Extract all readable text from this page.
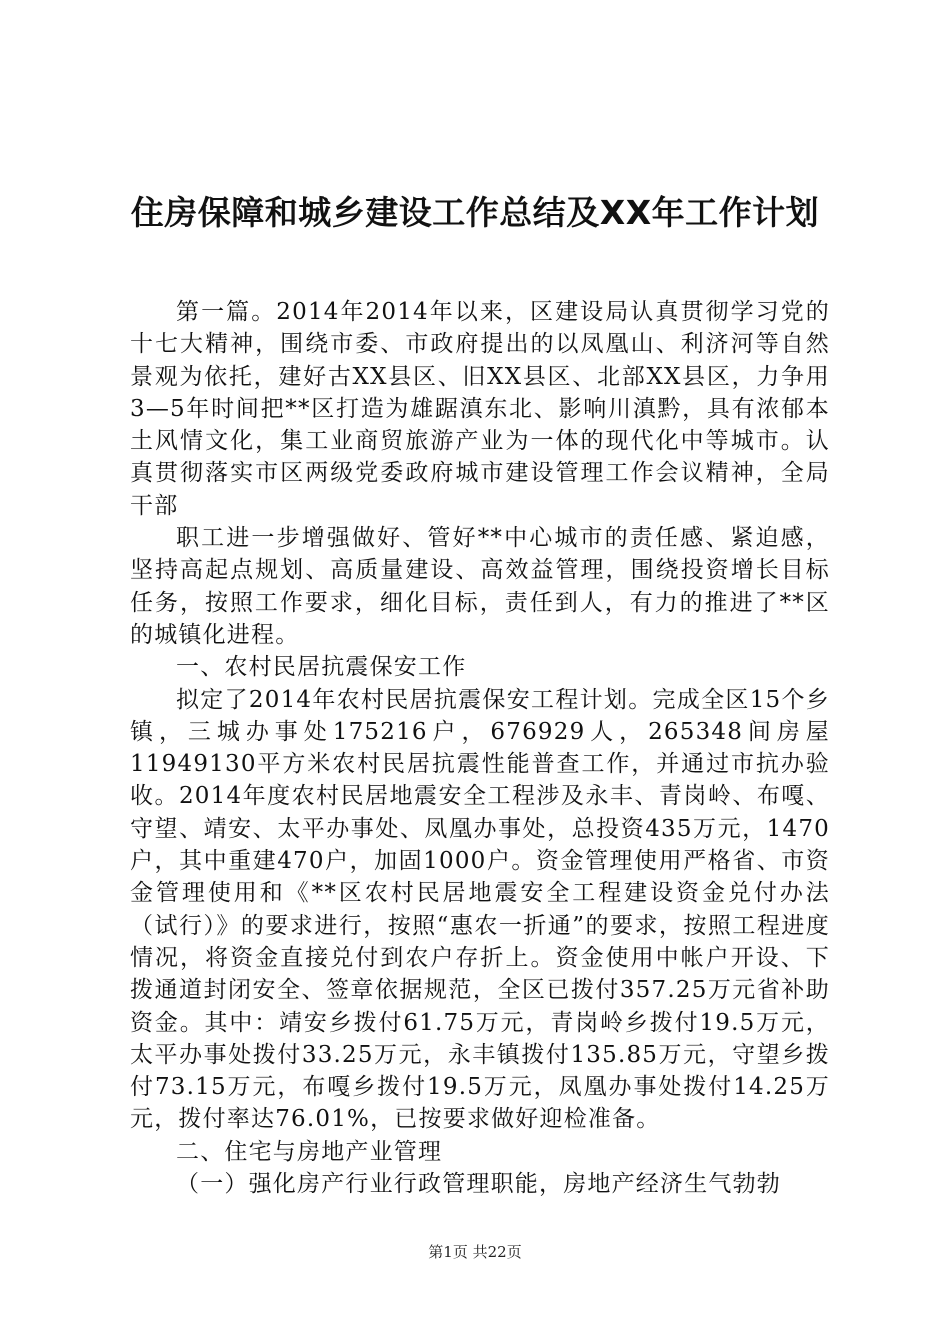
住房保障和城乡建设工作总结及XX年工作计划

第一篇。2014年2014年以来，区建设局认真贯彻学习党的十七大精神，围绕市委、市政府提出的以凤凰山、利济河等自然景观为依托，建好古XX县区、旧XX县区、北部XX县区，力争用3—5年时间把**区打造为雄踞滇东北、影响川滇黔，具有浓郁本土风情文化，集工业商贸旅游产业为一体的现代化中等城市。认真贯彻落实市区两级党委政府城市建设管理工作会议精神，全局干部

职工进一步增强做好、管好**中心城市的责任感、紧迫感，坚持高起点规划、高质量建设、高效益管理，围绕投资增长目标任务，按照工作要求，细化目标，责任到人，有力的推进了**区的城镇化进程。

一、农村民居抗震保安工作

拟定了2014年农村民居抗震保安工程计划。完成全区15个乡镇，三城办事处175216户，676929人，265348间房屋11949130平方米农村民居抗震性能普查工作，并通过市抗办验收。2014年度农村民居地震安全工程涉及永丰、青岗岭、布嘎、守望、靖安、太平办事处、凤凰办事处，总投资435万元，1470户，其中重建470户，加固1000户。资金管理使用严格省、市资金管理使用和《**区农村民居地震安全工程建设资金兑付办法（试行）》的要求进行，按照“惠农一折通”的要求，按照工程进度情况，将资金直接兑付到农户存折上。资金使用中帐户开设、下拨通道封闭安全、签章依据规范，全区已拨付357.25万元省补助资金。其中：靖安乡拨付61.75万元，青岗岭乡拨付19.5万元，太平办事处拨付33.25万元，永丰镇拨付135.85万元，守望乡拨付73.15万元，布嘎乡拨付19.5万元，凤凰办事处拨付14.25万元，拨付率达76.01%，已按要求做好迎检准备。

二、住宅与房地产业管理

（一）强化房产行业行政管理职能，房地产经济生气勃勃

第1页 共22页
